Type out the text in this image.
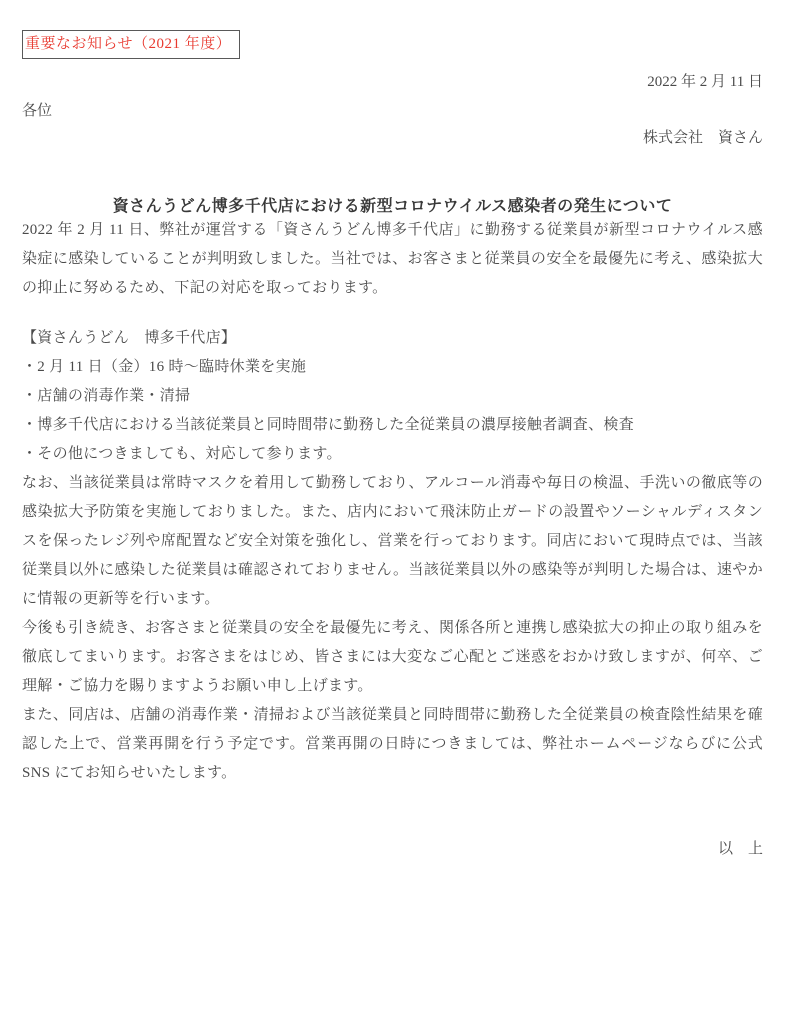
重要なお知らせ（2021 年度）
2022 年 2 月 11 日
各位
株式会社　資さん
資さんうどん博多千代店における新型コロナウイルス感染者の発生について

2022 年 2 月 11 日、弊社が運営する「資さんうどん博多千代店」に勤務する従業員が新型コロナウイルス感染症に感染していることが判明致しました。当社では、お客さまと従業員の安全を最優先に考え、感染拡大の抑止に努めるため、下記の対応を取っております。

【資さんうどん　博多千代店】

・2 月 11 日（金）16 時～臨時休業を実施

・店舗の消毒作業・清掃

・博多千代店における当該従業員と同時間帯に勤務した全従業員の濃厚接触者調査、検査

・その他につきましても、対応して参ります。

なお、当該従業員は常時マスクを着用して勤務しており、アルコール消毒や毎日の検温、手洗いの徹底等の感染拡大予防策を実施しておりました。また、店内において飛沫防止ガードの設置やソーシャルディスタンスを保ったレジ列や席配置など安全対策を強化し、営業を行っております。同店において現時点では、当該従業員以外に感染した従業員は確認されておりません。当該従業員以外の感染等が判明した場合は、速やかに情報の更新等を行います。

今後も引き続き、お客さまと従業員の安全を最優先に考え、関係各所と連携し感染拡大の抑止の取り組みを徹底してまいります。お客さまをはじめ、皆さまには大変なご心配とご迷惑をおかけ致しますが、何卒、ご理解・ご協力を賜りますようお願い申し上げます。

また、同店は、店舗の消毒作業・清掃および当該従業員と同時間帯に勤務した全従業員の検査陰性結果を確認した上で、営業再開を行う予定です。営業再開の日時につきましては、弊社ホームページならびに公式 SNS にてお知らせいたします。

以　上
